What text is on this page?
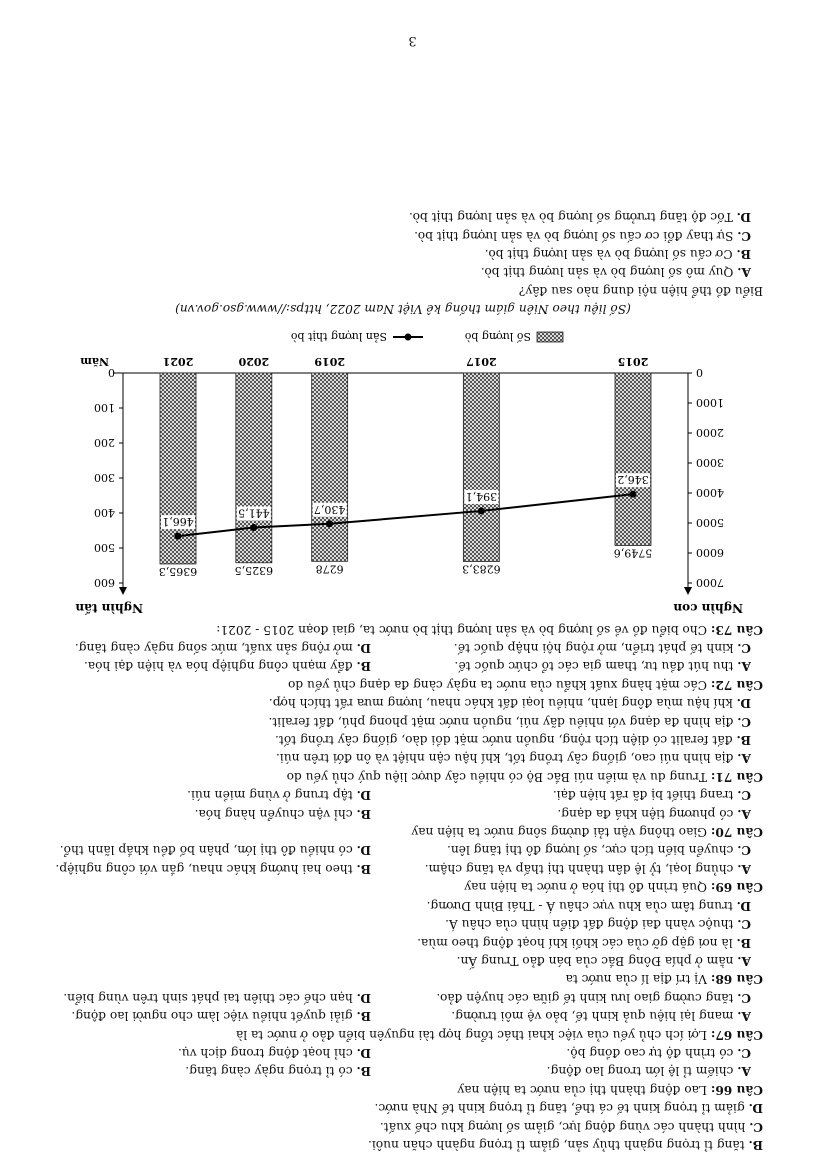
B. tăng tỉ trọng ngành thủy sản, giảm tỉ trọng ngành chăn nuôi.
C. hình thành các vùng động lực, giảm số lượng khu chế xuất.
D. giảm tỉ trọng kinh tế cá thể, tăng tỉ trọng kinh tế Nhà nước.
Câu 66: Lao động thành thị của nước ta hiện nay
A. chiếm tỉ lệ lớn trong lao động.
B. có tỉ trọng ngày càng tăng.
C. có trình độ tự cao đồng bộ.
D. chỉ hoạt động trong dịch vụ.
Câu 67: Lợi ích chủ yếu của việc khai thác tổng hợp tài nguyên biển đảo ở nước ta là
A. mang lại hiệu quả kinh tế, bảo vệ môi trường.
B. giải quyết nhiều việc làm cho người lao động.
C. tăng cường giao lưu kinh tế giữa các huyện đảo.
D. hạn chế các thiên tai phát sinh trên vùng biển.
Câu 68: Vị trí địa lí của nước ta
A. nằm ở phía Đông Bắc của bán đảo Trung Ấn.
B. là nơi gặp gỡ của các khối khí hoạt động theo mùa.
C. thuộc vành đai động đất điển hình của châu Á.
D. trung tâm của khu vực châu Á - Thái Bình Dương.
Câu 69: Quá trình đô thị hóa ở nước ta hiện nay
A. chủng loại, tỷ lệ dân thành thị thấp và tăng chậm.
B. theo hai hướng khác nhau, gắn với công nghiệp.
C. chuyển biến tích cực, số lượng đô thị tăng lên.
D. có nhiều đô thị lớn, phân bố đều khắp lãnh thổ.
Câu 70: Giao thông vận tải đường sông nước ta hiện nay
A. có phương tiện khá đa dạng.
B. chỉ vận chuyển hàng hóa.
C. trang thiết bị đã rất hiện đại.
D. tập trung ở vùng miền núi.
Câu 71: Trung du và miền núi Bắc Bộ có nhiều cây dược liệu quý chủ yếu do
A. địa hình núi cao, giống cây trồng tốt, khí hậu cận nhiệt và ôn đới trên núi.
B. đất feralit có diện tích rộng, nguồn nước mặt dồi dào, giống cây trồng tốt.
C. địa hình đa dạng với nhiều dãy núi, nguồn nước mặt phong phú, đất feralit.
D. khí hậu mùa đông lạnh, nhiều loại đất khác nhau, lượng mưa rất thích hợp.
Câu 72: Các mặt hàng xuất khẩu của nước ta ngày càng đa dạng chủ yếu do
A. thu hút đầu tư, tham gia các tổ chức quốc tế.
B. đẩy mạnh công nghiệp hóa và hiện đại hóa.
C. kinh tế phát triển, mở rộng hội nhập quốc tế.
D. mở rộng sản xuất, mức sống ngày càng tăng.
Câu 73: Cho biểu đồ về số lượng bò và sản lượng thịt bò nước ta, giai đoạn 2015 - 2021:
Nghìn con
Nghìn tấn
0
1000
2000
3000
4000
5000
6000
7000
0
100
200
300
400
500
600
2015
2017
2019
2020
2021
Năm
5749,6
6283,3
6278
6325,5
6365,3
346,2
394,1
430,7
441,5
466,1
Số lượng bò
Sản lượng thịt bò
(Số liệu theo Niên giám thống kê Việt Nam 2022, https://www.gso.gov.vn)
Biểu đồ thể hiện nội dung nào sau đây?
A. Quy mô số lượng bò và sản lượng thịt bò.
B. Cơ cấu số lượng bò và sản lượng thịt bò.
C. Sự thay đổi cơ cấu số lượng bò và sản lượng thịt bò.
D. Tốc độ tăng trưởng số lượng bò và sản lượng thịt bò.
3
